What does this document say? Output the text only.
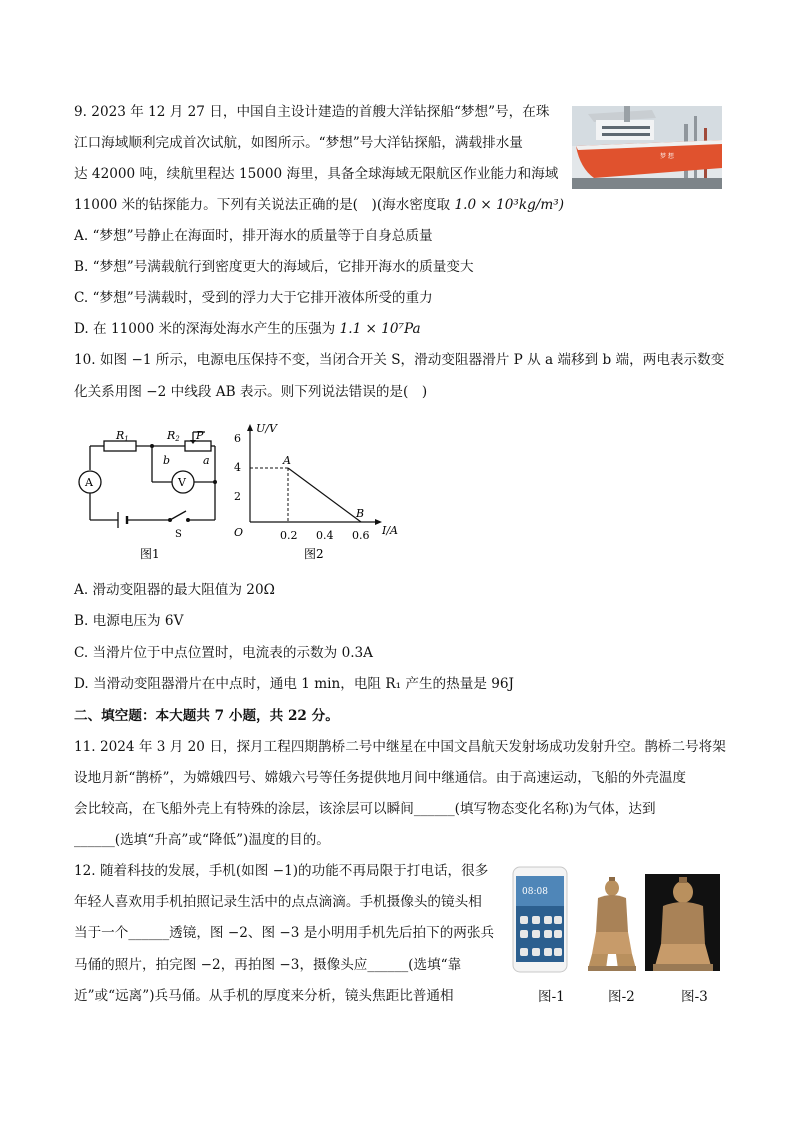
9. 2023 年 12 月 27 日，中国自主设计建造的首艘大洋钻探船“梦想”号，在珠
江口海域顺利完成首次试航，如图所示。“梦想”号大洋钻探船，满载排水量
达 42000 吨，续航里程达 15000 海里，具备全球海域无限航区作业能力和海域
11000 米的钻探能力。下列有关说法正确的是(　)(海水密度取 1.0 × 10³kg/m³)
梦 想
A. “梦想”号静止在海面时，排开海水的质量等于自身总质量
B. “梦想”号满载航行到密度更大的海域后，它排开海水的质量变大
C. “梦想”号满载时，受到的浮力大于它排开液体所受的重力
D. 在 11000 米的深海处海水产生的压强为 1.1 × 10⁷Pa
10. 如图 −1 所示，电源电压保持不变，当闭合开关 S，滑动变阻器滑片 P 从 a 端移到 b 端，两电表示数变
化关系用图 −2 中线段 AB 表示。则下列说法错误的是(　)
R1	R2 P
b	a
A	V
S
图1
U/V
I/A
O
2
4
6
0.2 0.4 0.6
A
B
图2
A. 滑动变阻器的最大阻值为 20Ω
B. 电源电压为 6V
C. 当滑片位于中点位置时，电流表的示数为 0.3A
D. 当滑动变阻器滑片在中点时，通电 1 min，电阻 R₁ 产生的热量是 96J
二、填空题：本大题共 7 小题，共 22 分。
11. 2024 年 3 月 20 日，探月工程四期鹊桥二号中继星在中国文昌航天发射场成功发射升空。鹊桥二号将架
设地月新“鹊桥”，为嫦娥四号、嫦娥六号等任务提供地月间中继通信。由于高速运动，飞船的外壳温度
会比较高，在飞船外壳上有特殊的涂层，该涂层可以瞬间______(填写物态变化名称)为气体，达到
______(选填“升高”或“降低”)温度的目的。
12. 随着科技的发展，手机(如图 −1)的功能不再局限于打电话，很多
年轻人喜欢用手机拍照记录生活中的点点滴滴。手机摄像头的镜头相
当于一个______透镜，图 −2、图 −3 是小明用手机先后拍下的两张兵
马俑的照片，拍完图 −2，再拍图 −3，摄像头应______(选填“靠
近”或“远离”)兵马俑。从手机的厚度来分析，镜头焦距比普通相
08:08
图-1	图-2	图-3
